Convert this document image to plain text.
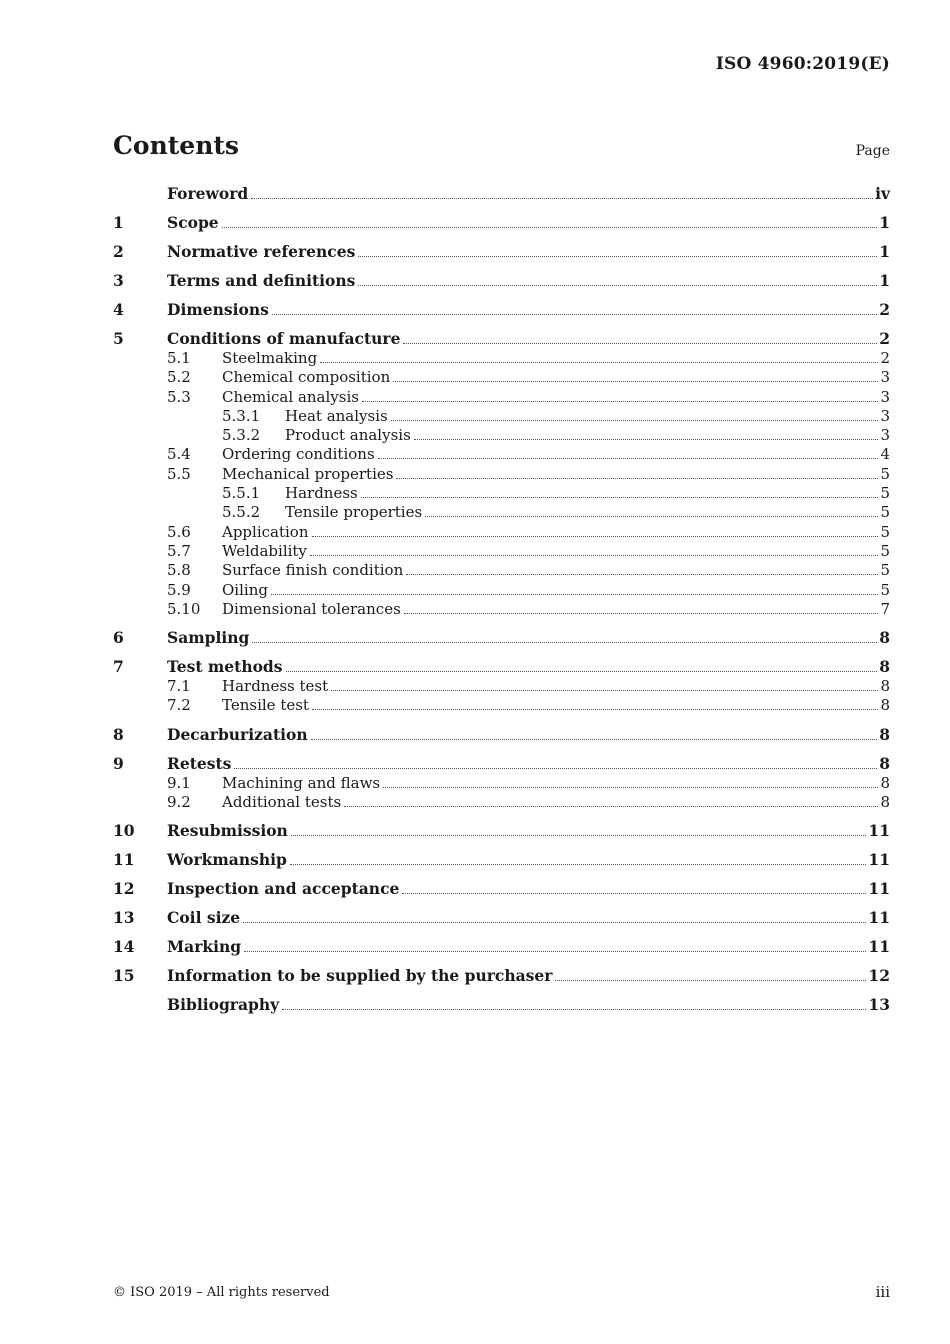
ISO 4960:2019(E)
Contents	Page
Foreword	iv
1	Scope	1
2	Normative references	1
3	Terms and definitions	1
4	Dimensions	2
5	Conditions of manufacture	2
5.1	Steelmaking	2
5.2	Chemical composition	3
5.3	Chemical analysis	3
5.3.1	Heat analysis	3
5.3.2	Product analysis	3
5.4	Ordering conditions	4
5.5	Mechanical properties	5
5.5.1	Hardness	5
5.5.2	Tensile properties	5
5.6	Application	5
5.7	Weldability	5
5.8	Surface finish condition	5
5.9	Oiling	5
5.10	Dimensional tolerances	7
6	Sampling	8
7	Test methods	8
7.1	Hardness test	8
7.2	Tensile test	8
8	Decarburization	8
9	Retests	8
9.1	Machining and flaws	8
9.2	Additional tests	8
10	Resubmission	11
11	Workmanship	11
12	Inspection and acceptance	11
13	Coil size	11
14	Marking	11
15	Information to be supplied by the purchaser	12
Bibliography	13
© ISO 2019 – All rights reserved	iii
